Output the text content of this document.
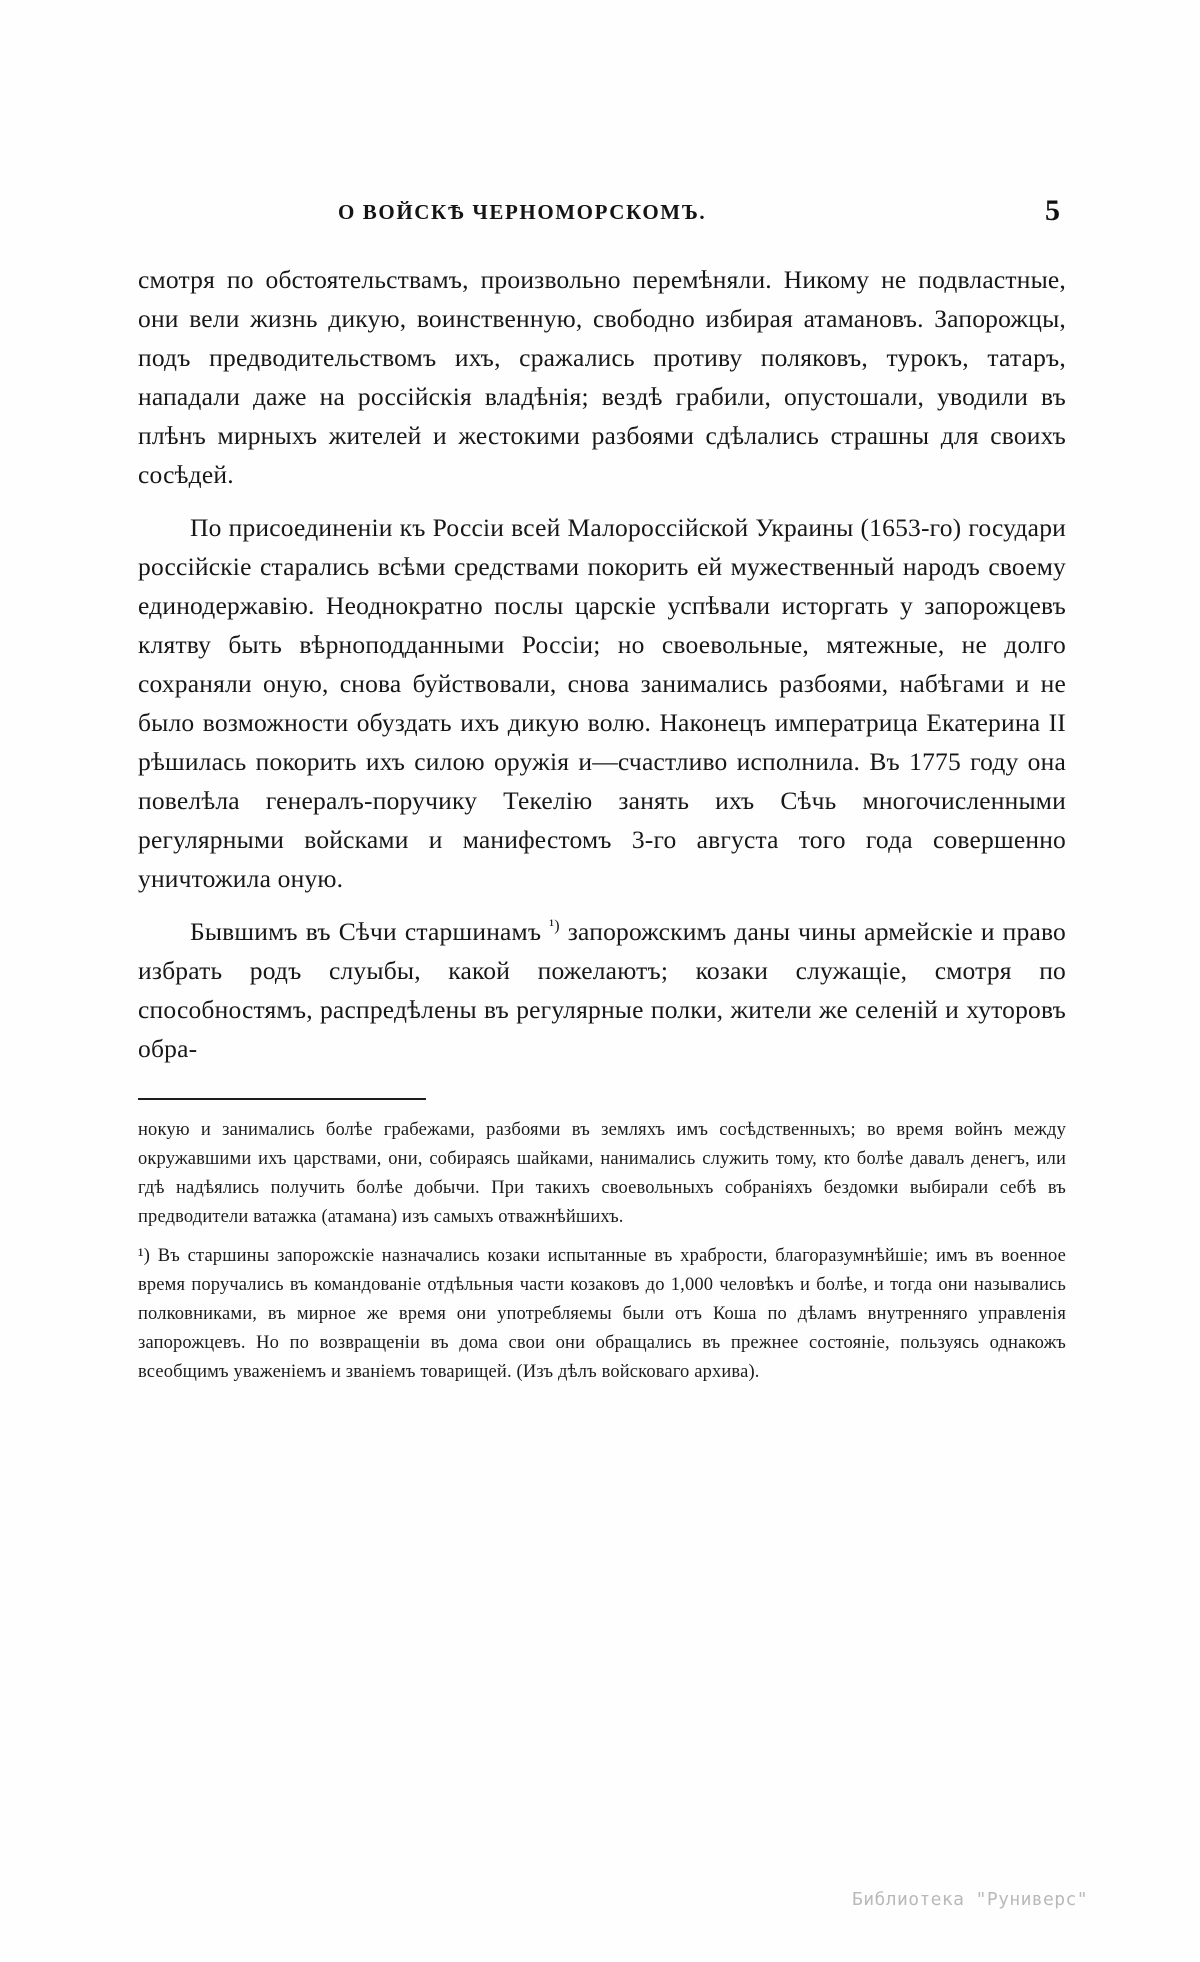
О ВОЙСКѢ ЧЕРНОМОРСКОМЪ.	5

смотря по обстоятельствамъ, произвольно перемѣняли. Никому не подвластные, они вели жизнь дикую, воинственную, свободно избирая атамановъ. Запорожцы, подъ предводительствомъ ихъ, сражались противу поляковъ, турокъ, татаръ, нападали даже на россійскія владѣнія; вездѣ грабили, опустошали, уводили въ плѣнъ мирныхъ жителей и жестокими разбоями сдѣлались страшны для своихъ сосѣдей.

По присоединеніи къ Россіи всей Малороссійской Украины (1653-го) государи россійскіе старались всѣми средствами покорить ей мужественный народъ своему единодержавію. Неоднократно послы царскіе успѣвали исторгать у запорожцевъ клятву быть вѣрноподданными Россіи; но своевольные, мятежные, не долго сохраняли оную, снова буйствовали, снова занимались разбоями, набѣгами и не было возможности обуздать ихъ дикую волю. Наконецъ императрица Екатерина II рѣшилась покорить ихъ силою оружія и—счастливо исполнила. Въ 1775 году она повелѣла генералъ-поручику Текелію занять ихъ Сѣчь многочисленными регулярными войсками и манифестомъ 3-го августа того года совершенно уничтожила оную.

Бывшимъ въ Сѣчи старшинамъ $^{^1)}$ запорожскимъ даны чины армейскіе и право избрать родъ слуыбы, какой пожелаютъ; козаки служащіе, смотря по способностямъ, распредѣлены въ регулярные полки, жители же селеній и хуторовъ обра-

нокую и занимались болѣе грабежами, разбоями въ земляхъ имъ сосѣдственныхъ; во время войнъ между окружавшими ихъ царствами, они, собираясь шайками, нанимались служить тому, кто болѣе давалъ денегъ, или гдѣ надѣялись получить болѣе добычи. При такихъ своевольныхъ собраніяхъ бездомки выбирали себѣ въ предводители ватажка (атамана) изъ самыхъ отважнѣйшихъ.

¹) Въ старшины запорожскіе назначались козаки испытанные въ храбрости, благоразумнѣйшіе; имъ въ военное время поручались въ командованіе отдѣльныя части козаковъ до 1,000 человѣкъ и болѣе, и тогда они назывались полковниками, въ мирное же время они употребляемы были отъ Коша по дѣламъ внутренняго управленія запорожцевъ. Но по возвращеніи въ дома свои они обращались въ прежнее состояніе, пользуясь однакожъ всеобщимъ уваженіемъ и званіемъ товарищей. (Изъ дѣлъ войсковаго архива).

Библиотека "Руниверс"
